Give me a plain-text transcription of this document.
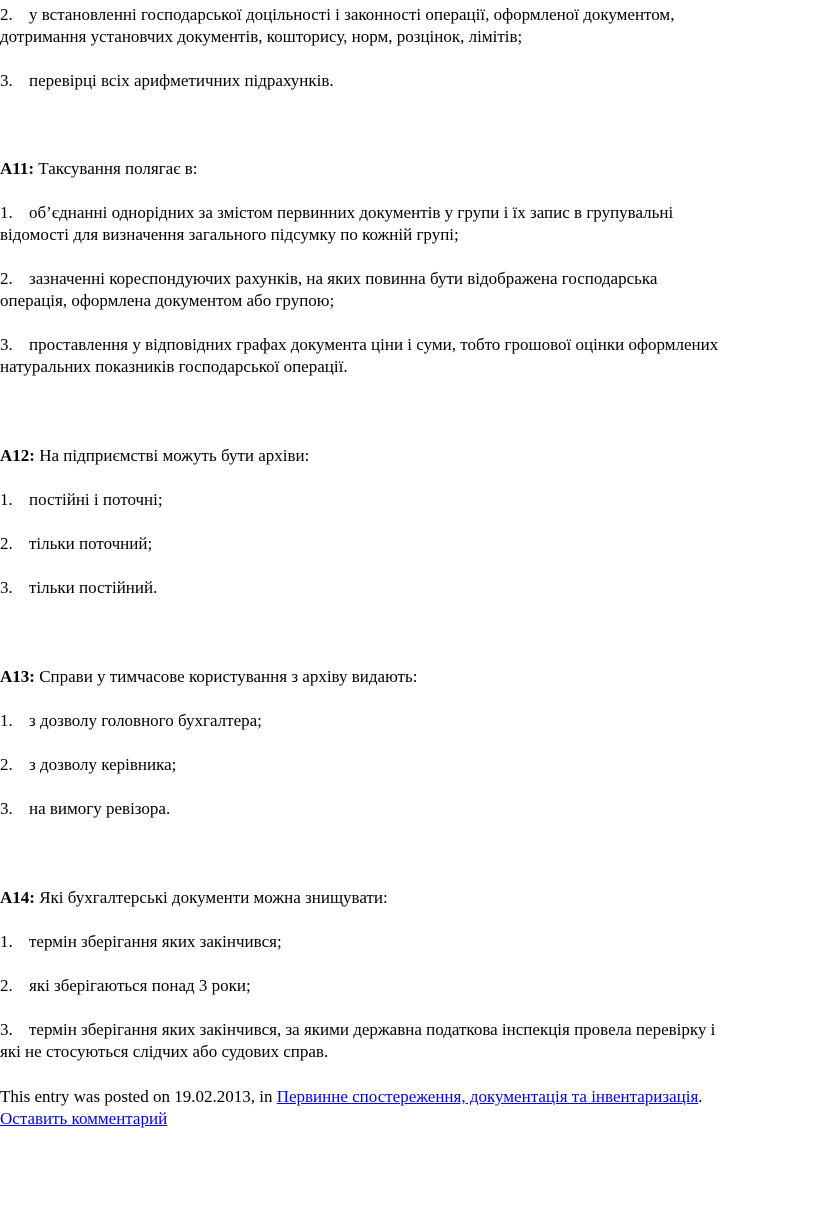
2. у встановленні господарської доцільності і законності операції, оформленої документом,
дотримання установчих документів, кошторису, норм, розцінок, лімітів;
3. перевірці всіх арифметичних підрахунків.
А11: Таксування полягає в:
1. об’єднанні однорідних за змістом первинних документів у групи і їх запис в групувальні
відомості для визначення загального підсумку по кожній групі;
2. зазначенні кореспондуючих рахунків, на яких повинна бути відображена господарська
операція, оформлена документом або групою;
3. проставлення у відповідних графах документа ціни і суми, тобто грошової оцінки оформлених
натуральних показників господарської операції.
А12: На підприємстві можуть бути архіви:
1. постійні і поточні;
2. тільки поточний;
3. тільки постійний.
А13: Справи у тимчасове користування з архіву видають:
1. з дозволу головного бухгалтера;
2. з дозволу керівника;
3. на вимогу ревізора.
А14: Які бухгалтерські документи можна знищувати:
1. термін зберігання яких закінчився;
2. які зберігаються понад 3 роки;
3. термін зберігання яких закінчився, за якими державна податкова інспекція провела перевірку і
які не стосуються слідчих або судових справ.
This entry was posted on 19.02.2013, in Первинне спостереження, документація та інвентаризація.
Оставить комментарий
